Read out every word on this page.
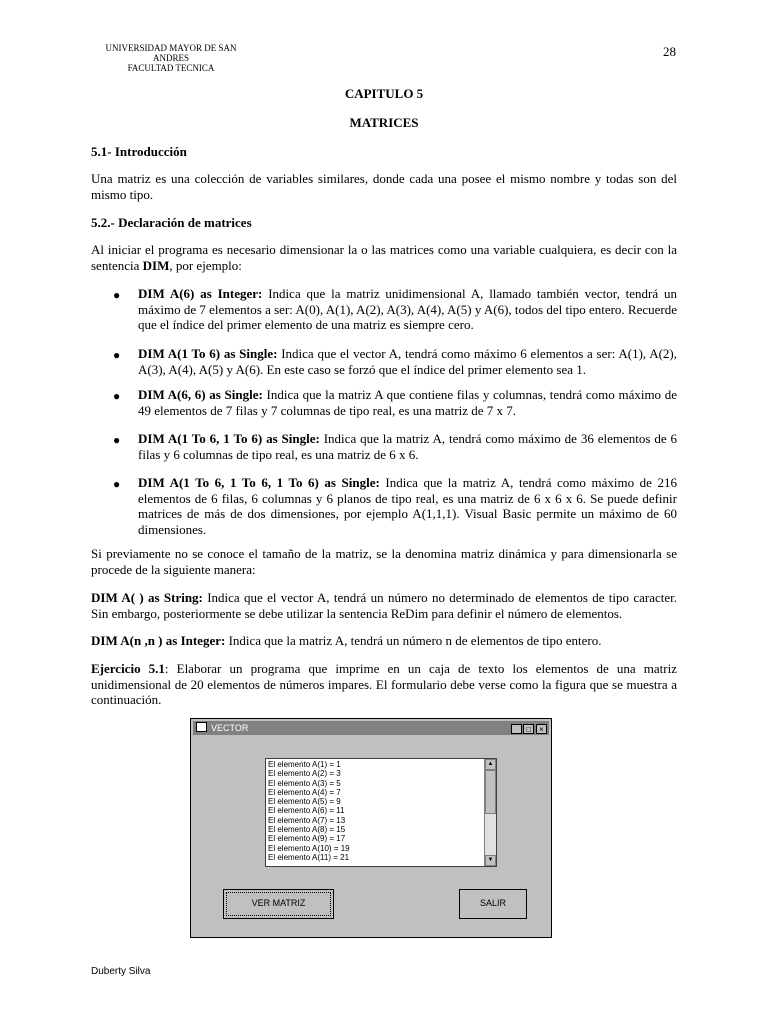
UNIVERSIDAD MAYOR DE SAN ANDRES
FACULTAD TECNICA
28
CAPITULO 5
MATRICES
5.1- Introducción
Una matriz es una colección de variables similares, donde cada una posee el mismo nombre y todas son del mismo tipo.
5.2.- Declaración de matrices
Al iniciar el programa es necesario dimensionar la o las matrices como una variable cualquiera, es decir con la sentencia DIM, por ejemplo:
● DIM A(6) as Integer: Indica que la matriz unidimensional A, llamado también vector, tendrá un máximo de 7 elementos a ser: A(0), A(1), A(2), A(3), A(4), A(5) y A(6), todos del tipo entero. Recuerde que el índice del primer elemento de una matriz es siempre cero.
● DIM A(1 To 6) as Single: Indica que el vector A, tendrá como máximo 6 elementos a ser: A(1), A(2), A(3), A(4), A(5) y A(6). En este caso se forzó que el índice del primer elemento sea 1.
● DIM A(6, 6) as Single: Indica que la matriz A que contiene filas y columnas, tendrá como máximo de 49 elementos de 7 filas y 7 columnas de tipo real, es una matriz de 7 x 7.
● DIM A(1 To 6, 1 To 6) as Single: Indica que la matriz A, tendrá como máximo de 36 elementos de 6 filas y 6 columnas de tipo real, es una matriz de 6 x 6.
● DIM A(1 To 6, 1 To 6, 1 To 6) as Single: Indica que la matriz A, tendrá como máximo de 216 elementos de 6 filas, 6 columnas y 6 planos de tipo real, es una matriz de 6 x 6 x 6. Se puede definir matrices de más de dos dimensiones, por ejemplo A(1,1,1). Visual Basic permite un máximo de 60 dimensiones.
Si previamente no se conoce el tamaño de la matriz, se la denomina matriz dinámica y para dimensionarla se procede de la siguiente manera:
DIM A( ) as String: Indica que el vector A, tendrá un número no determinado de elementos de tipo caracter. Sin embargo, posteriormente se debe utilizar la sentencia ReDim para definir el número de elementos.
DIM A(n ,n ) as Integer: Indica que la matriz A, tendrá un número n de elementos de tipo entero.
Ejercicio 5.1: Elaborar un programa que imprime en un caja de texto los elementos de una matriz unidimensional de 20 elementos de números impares. El formulario debe verse como la figura que se muestra a continuación.
VECTOR	_ □ ×
El elemento A(1) = 1
El elemento A(2) = 3
El elemento A(3) = 5
El elemento A(4) = 7
El elemento A(5) = 9
El elemento A(6) = 11
El elemento A(7) = 13
El elemento A(8) = 15
El elemento A(9) = 17
El elemento A(10) = 19
El elemento A(11) = 21
▲
▼
VER MATRIZ	SALIR
Duberty Silva
